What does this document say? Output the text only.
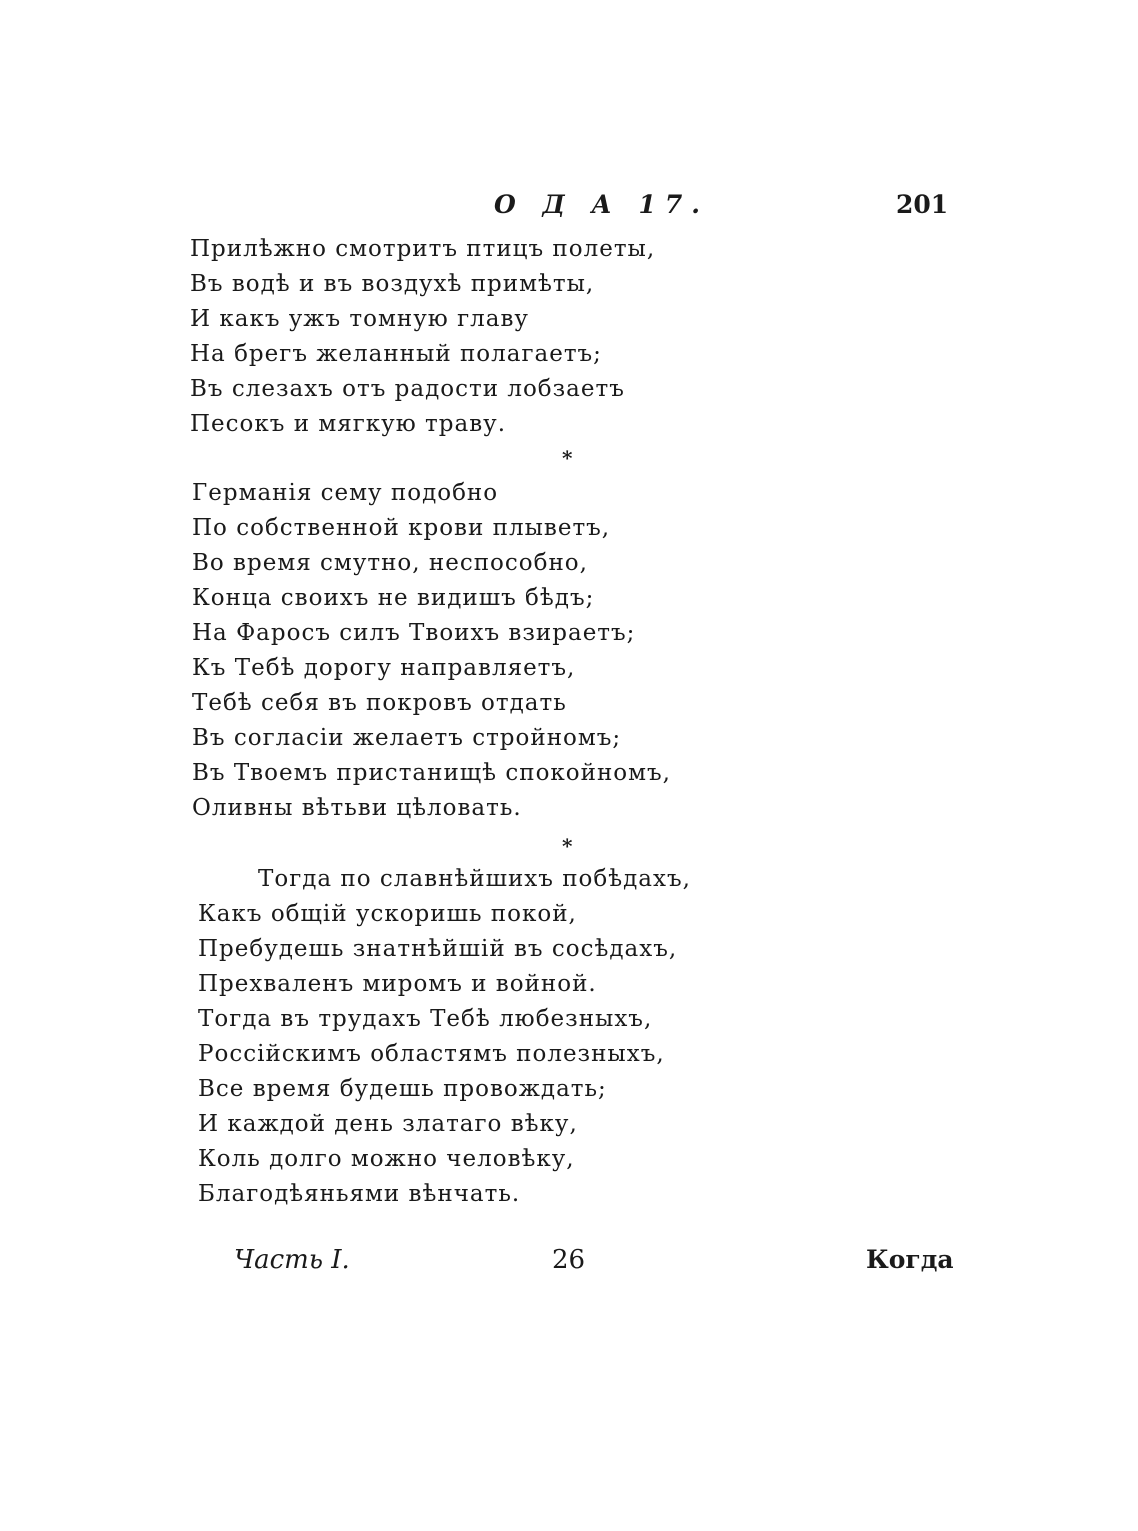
О Д А 17.	201
Прилѣжно смотритъ птицъ полеты,
Въ водѣ и въ воздухѣ примѣты,
И какъ ужъ томную главу
На брегъ желанный полагаетъ;
Въ слезахъ отъ радости лобзаетъ
Песокъ и мягкую траву.
*
Германія сему подобно
По собственной крови плыветъ,
Во время смутно, неспособно,
Конца своихъ не видишъ бѣдъ;
На Фаросъ силъ Твоихъ взираетъ;
Къ Тебѣ дорогу направляетъ,
Тебѣ себя въ покровъ отдать
Въ согласіи желаетъ стройномъ;
Въ Твоемъ пристанищѣ спокойномъ,
Оливны вѣтьви цѣловать.
*
Тогда по славнѣйшихъ побѣдахъ,
Какъ общій ускоришь покой,
Пребудешь знатнѣйшій въ сосѣдахъ,
Прехваленъ миромъ и войной.
Тогда въ трудахъ Тебѣ любезныхъ,
Россійскимъ областямъ полезныхъ,
Все время будешь провождать;
И каждой день златаго вѣку,
Коль долго можно человѣку,
Благодѣяньями вѣнчать.
Часть I.	26	Когда
